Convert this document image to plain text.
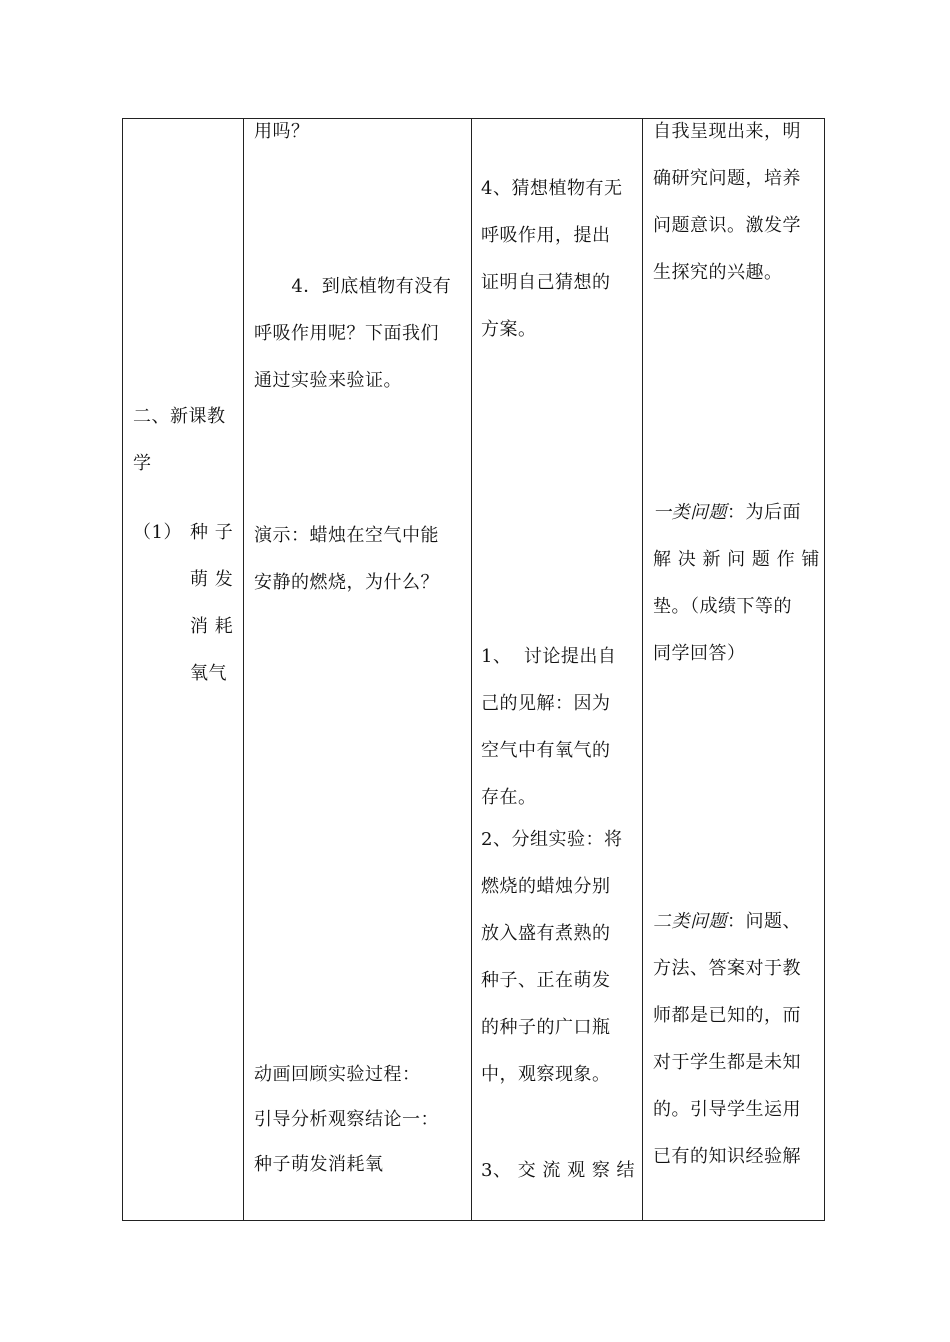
二、新课教

学

（1） 种 子

萌 发

消 耗

氧气

用吗？

4．到底植物有没有

呼吸作用呢？下面我们

通过实验来验证。

演示：蜡烛在空气中能

安静的燃烧，为什么？

动画回顾实验过程：

引导分析观察结论一：

种子萌发消耗氧

4、猜想植物有无

呼吸作用，提出

证明自己猜想的

方案。

1、  讨论提出自

己的见解：因为

空气中有氧气的

存在。

2、分组实验：将

燃烧的蜡烛分别

放入盛有煮熟的

种子、正在萌发

的种子的广口瓶

中，观察现象。

3、 交 流 观 察 结

自我呈现出来，明

确研究问题，培养

问题意识。激发学

生探究的兴趣。

一类问题：为后面

解 决 新 问 题 作 铺

垫。（成绩下等的

同学回答）

二类问题：问题、

方法、答案对于教

师都是已知的，而

对于学生都是未知

的。引导学生运用

已有的知识经验解
